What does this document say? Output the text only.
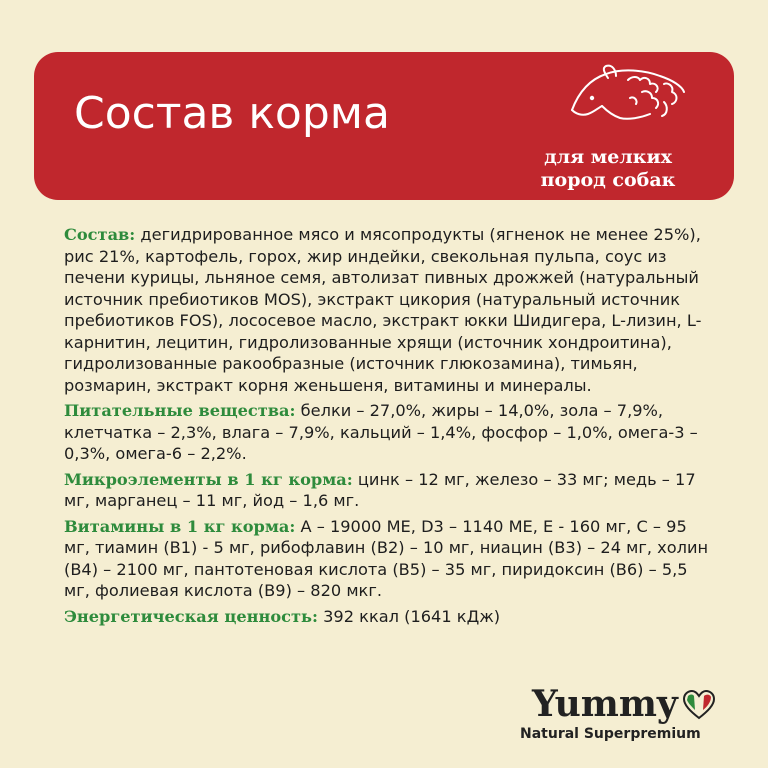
Состав корма
для мелких
пород собак

Состав: дегидрированное мясо и мясопродукты (ягненок не менее 25%), рис 21%, картофель, горох, жир индейки, свекольная пульпа, соус из печени курицы, льняное семя, автолизат пивных дрожжей (натуральный источник пребиотиков MOS), экстракт цикория (натуральный источник пребиотиков FOS), лососевое масло, экстракт юкки Шидигера, L-лизин, L-карнитин, лецитин, гидролизованные хрящи (источник хондроитина), гидролизованные ракообразные (источник глюкозамина), тимьян, розмарин, экстракт корня женьшеня, витамины и минералы.

Питательные вещества: белки – 27,0%, жиры – 14,0%, зола – 7,9%, клетчатка – 2,3%, влага – 7,9%, кальций – 1,4%, фосфор – 1,0%, омега-3 – 0,3%, омега-6 – 2,2%.

Микроэлементы в 1 кг корма: цинк – 12 мг, железо – 33 мг; медь – 17 мг, марганец – 11 мг, йод – 1,6 мг.

Витамины в 1 кг корма: А – 19000 МЕ, D3 – 1140 МЕ, Е - 160 мг, С – 95 мг, тиамин (В1) - 5 мг, рибофлавин (В2) – 10 мг, ниацин (В3) – 24 мг, холин (В4) – 2100 мг, пантотеновая кислота (В5) – 35 мг, пиридоксин (В6) – 5,5 мг, фолиевая кислота (В9) – 820 мкг.

Энергетическая ценность: 392 ккал (1641 кДж)

Yummy
Natural Superpremium
